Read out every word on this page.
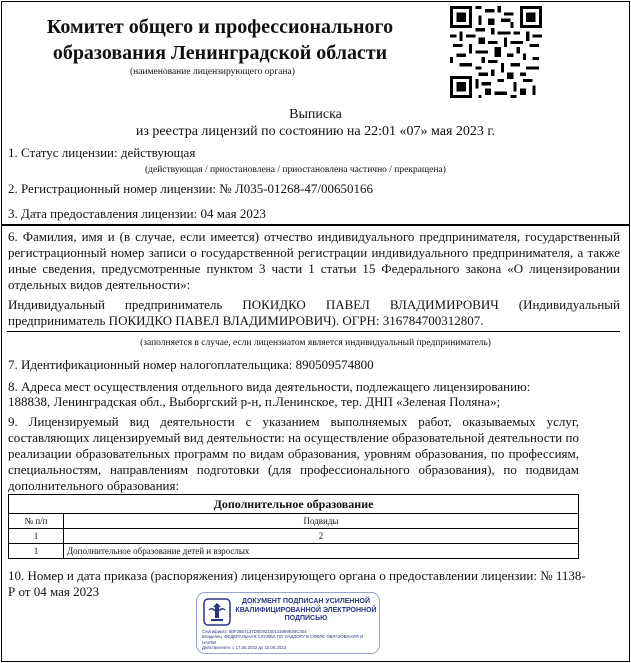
Комитет общего и профессионального образования Ленинградской области
(наименование лицензирующего органа)
Выписка
из реестра лицензий по состоянию на 22:01 «07» мая 2023 г.
1. Статус лицензии: действующая
(действующая / приостановлена / приостановлена частично / прекращена)
2. Регистрационный номер лицензии: № Л035-01268-47/00650166
3. Дата предоставления лицензии: 04 мая 2023
6. Фамилия, имя и (в случае, если имеется) отчество индивидуального предпринимателя, государственный регистрационный номер записи о государственной регистрации индивидуального предпринимателя, а также иные сведения, предусмотренные пунктом 3 части 1 статьи 15 Федерального закона «О лицензировании отдельных видов деятельности»:
Индивидуальный предприниматель ПОКИДКО ПАВЕЛ ВЛАДИМИРОВИЧ (Индивидуальный предприниматель ПОКИДКО ПАВЕЛ ВЛАДИМИРОВИЧ). ОГРН: 316784700312807.
(заполняется в случае, если лицензиатом является индивидуальный предприниматель)
7. Идентификационный номер налогоплательщика: 890509574800
8. Адреса мест осуществления отдельного вида деятельности, подлежащего лицензированию:
188838, Ленинградская обл., Выборгский р-н, п.Ленинское, тер. ДНП «Зеленая Поляна»;
9. Лицензируемый вид деятельности с указанием выполняемых работ, оказываемых услуг, составляющих лицензируемый вид деятельности: на осуществление образовательной деятельности по реализации образовательных программ по видам образования, уровням образования, по профессиям, специальностям, направлениям подготовки (для профессионального образования), по подвидам дополнительного образования:
Дополнительное образование	
№ п/п	Подвиды
1	2
1	Дополнительное образование детей и взрослых
10. Номер и дата приказа (распоряжения) лицензирующего органа о предоставлении лицензии: № 1138-Р от 04 мая 2023
ДОКУМЕНТ ПОДПИСАН УСИЛЕННОЙ КВАЛИФИЦИРОВАННОЙ ЭЛЕКТРОННОЙ ПОДПИСЬЮ
Сертификат: 5BF25E4137D0D92340141969E55C404
Владелец: ФЕДЕРАЛЬНАЯ СЛУЖБА ПО НАДЗОРУ В СФЕРЕ ОБРАЗОВАНИЯ И НАУКИ
Действителен: с 17.05.2022 до 10.08.2023
